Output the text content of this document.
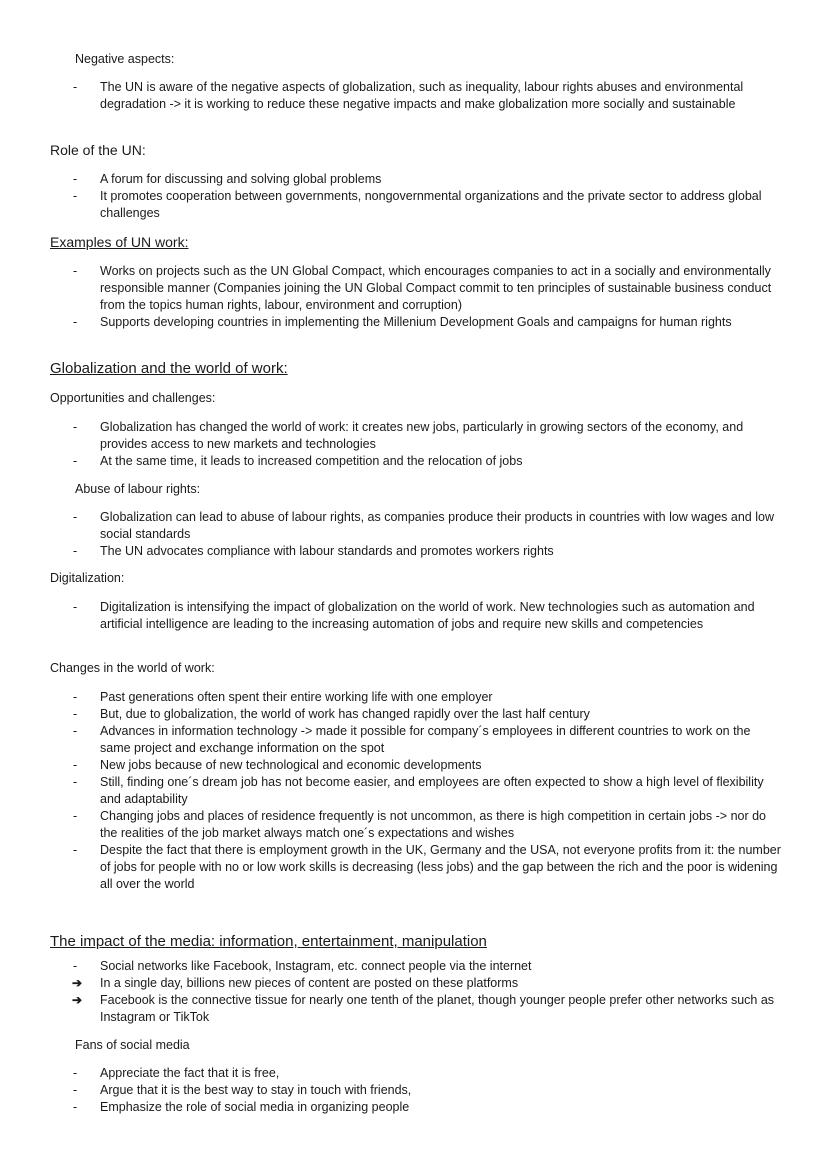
Negative aspects:
-	The UN is aware of the negative aspects of globalization, such as inequality, labour rights abuses and environmental degradation -> it is working to reduce these negative impacts and make globalization more socially and sustainable
Role of the UN:
-	A forum for discussing and solving global problems
-	It promotes cooperation between governments, nongovernmental organizations and the private sector to address global challenges
Examples of UN work:
-	Works on projects such as the UN Global Compact, which encourages companies to act in a socially and environmentally responsible manner (Companies joining the UN Global Compact commit to ten principles of sustainable business conduct from the topics human rights, labour, environment and corruption)
-	Supports developing countries in implementing the Millenium Development Goals and campaigns for human rights
Globalization and the world of work:
Opportunities and challenges:
-	Globalization has changed the world of work: it creates new jobs, particularly in growing sectors of the economy, and provides access to new markets and technologies
-	At the same time, it leads to increased competition and the relocation of jobs
Abuse of labour rights:
-	Globalization can lead to abuse of labour rights, as companies produce their products in countries with low wages and low social standards
-	The UN advocates compliance with labour standards and promotes workers rights
Digitalization:
-	Digitalization is intensifying the impact of globalization on the world of work. New technologies such as automation and artificial intelligence are leading to the increasing automation of jobs and require new skills and competencies
Changes in the world of work:
-	Past generations often spent their entire working life with one employer
-	But, due to globalization, the world of work has changed rapidly over the last half century
-	Advances in information technology -> made it possible for company´s employees in different countries to work on the same project and exchange information on the spot
-	New jobs because of new technological and economic developments
-	Still, finding one´s dream job has not become easier, and employees are often expected to show a high level of flexibility and adaptability
-	Changing jobs and places of residence frequently is not uncommon, as there is high competition in certain jobs -> nor do the realities of the job market always match one´s expectations and wishes
-	Despite the fact that there is employment growth in the UK, Germany and the USA, not everyone profits from it: the number of jobs for people with no or low work skills is decreasing (less jobs) and the gap between the rich and the poor is widening all over the world
The impact of the media: information, entertainment, manipulation
-	Social networks like Facebook, Instagram, etc. connect people via the internet
➔	In a single day, billions new pieces of content are posted on these platforms
➔	Facebook is the connective tissue for nearly one tenth of the planet, though younger people prefer other networks such as Instagram or TikTok
Fans of social media
-	Appreciate the fact that it is free,
-	Argue that it is the best way to stay in touch with friends,
-	Emphasize the role of social media in organizing people
